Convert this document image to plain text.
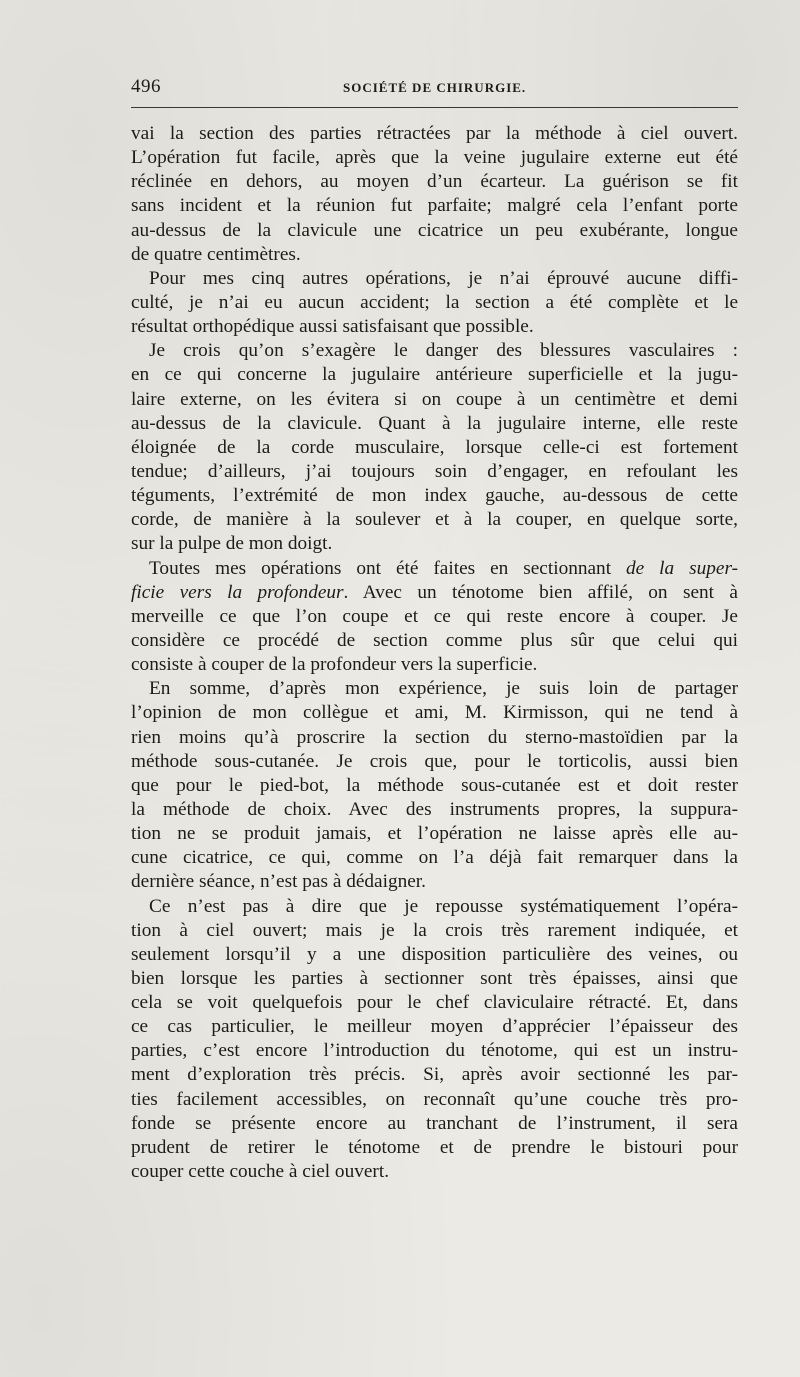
496	SOCIÉTÉ DE CHIRURGIE.
vai la section des parties rétractées par la méthode à ciel ouvert.
L’opération fut facile, après que la veine jugulaire externe eut été
réclinée en dehors, au moyen d’un écarteur. La guérison se fit
sans incident et la réunion fut parfaite; malgré cela l’enfant porte
au-dessus de la clavicule une cicatrice un peu exubérante, longue
de quatre centimètres.
Pour mes cinq autres opérations, je n’ai éprouvé aucune diffi-
culté, je n’ai eu aucun accident; la section a été complète et le
résultat orthopédique aussi satisfaisant que possible.
Je crois qu’on s’exagère le danger des blessures vasculaires :
en ce qui concerne la jugulaire antérieure superficielle et la jugu-
laire externe, on les évitera si on coupe à un centimètre et demi
au-dessus de la clavicule. Quant à la jugulaire interne, elle reste
éloignée de la corde musculaire, lorsque celle-ci est fortement
tendue; d’ailleurs, j’ai toujours soin d’engager, en refoulant les
téguments, l’extrémité de mon index gauche, au-dessous de cette
corde, de manière à la soulever et à la couper, en quelque sorte,
sur la pulpe de mon doigt.
Toutes mes opérations ont été faites en sectionnant de la super-
ficie vers la profondeur. Avec un ténotome bien affilé, on sent à
merveille ce que l’on coupe et ce qui reste encore à couper. Je
considère ce procédé de section comme plus sûr que celui qui
consiste à couper de la profondeur vers la superficie.
En somme, d’après mon expérience, je suis loin de partager
l’opinion de mon collègue et ami, M. Kirmisson, qui ne tend à
rien moins qu’à proscrire la section du sterno-mastoïdien par la
méthode sous-cutanée. Je crois que, pour le torticolis, aussi bien
que pour le pied-bot, la méthode sous-cutanée est et doit rester
la méthode de choix. Avec des instruments propres, la suppura-
tion ne se produit jamais, et l’opération ne laisse après elle au-
cune cicatrice, ce qui, comme on l’a déjà fait remarquer dans la
dernière séance, n’est pas à dédaigner.
Ce n’est pas à dire que je repousse systématiquement l’opéra-
tion à ciel ouvert; mais je la crois très rarement indiquée, et
seulement lorsqu’il y a une disposition particulière des veines, ou
bien lorsque les parties à sectionner sont très épaisses, ainsi que
cela se voit quelquefois pour le chef claviculaire rétracté. Et, dans
ce cas particulier, le meilleur moyen d’apprécier l’épaisseur des
parties, c’est encore l’introduction du ténotome, qui est un instru-
ment d’exploration très précis. Si, après avoir sectionné les par-
ties facilement accessibles, on reconnaît qu’une couche très pro-
fonde se présente encore au tranchant de l’instrument, il sera
prudent de retirer le ténotome et de prendre le bistouri pour
couper cette couche à ciel ouvert.
